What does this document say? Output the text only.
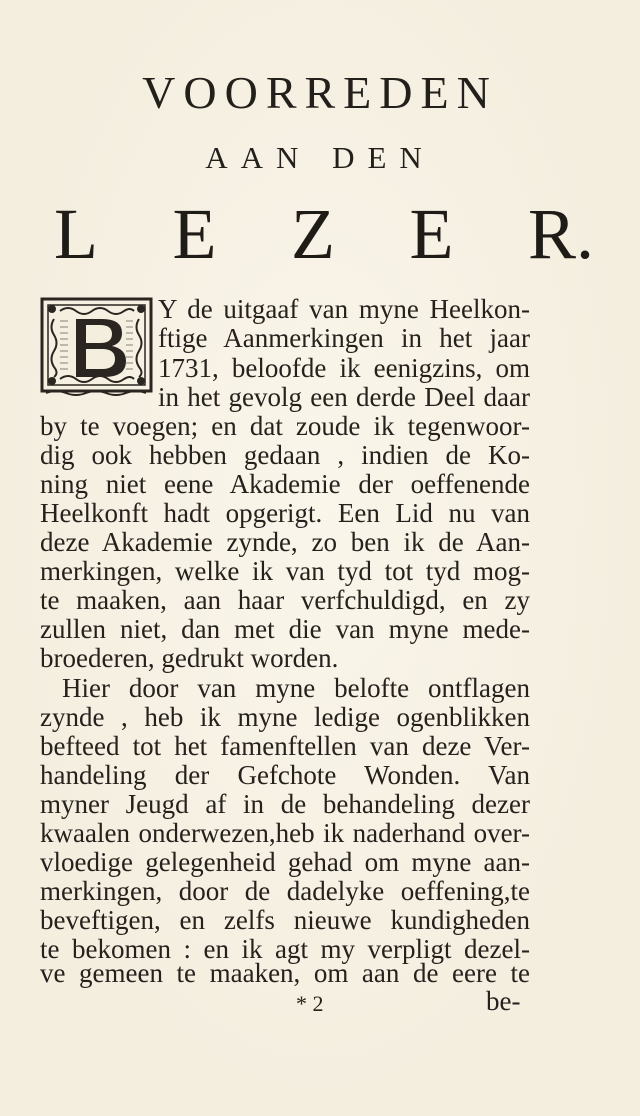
VOORREDEN
AAN DEN
L E Z E R.
Y de uitgaaf van myne Heelkon-
ftige Aanmerkingen in het jaar
1731, beloofde ik eenigzins, om
in het gevolg een derde Deel daar
by te voegen; en dat zoude ik tegenwoor-
dig ook hebben gedaan , indien de Ko-
ning niet eene Akademie der oeffenende
Heelkonft hadt opgerigt. Een Lid nu van
deze Akademie zynde, zo ben ik de Aan-
merkingen, welke ik van tyd tot tyd mog-
te maaken, aan haar verfchuldigd, en zy
zullen niet, dan met die van myne mede-
broederen, gedrukt worden.
Hier door van myne belofte ontflagen
zynde , heb ik myne ledige ogenblikken
befteed tot het famenftellen van deze Ver-
handeling der Gefchote Wonden. Van
myner Jeugd af in de behandeling dezer
kwaalen onderwezen,heb ik naderhand over-
vloedige gelegenheid gehad om myne aan-
merkingen, door de dadelyke oeffening,te
beveftigen, en zelfs nieuwe kundigheden
te bekomen : en ik agt my verpligt dezel-
ve gemeen te maaken, om aan de eere te
* 2	be-
